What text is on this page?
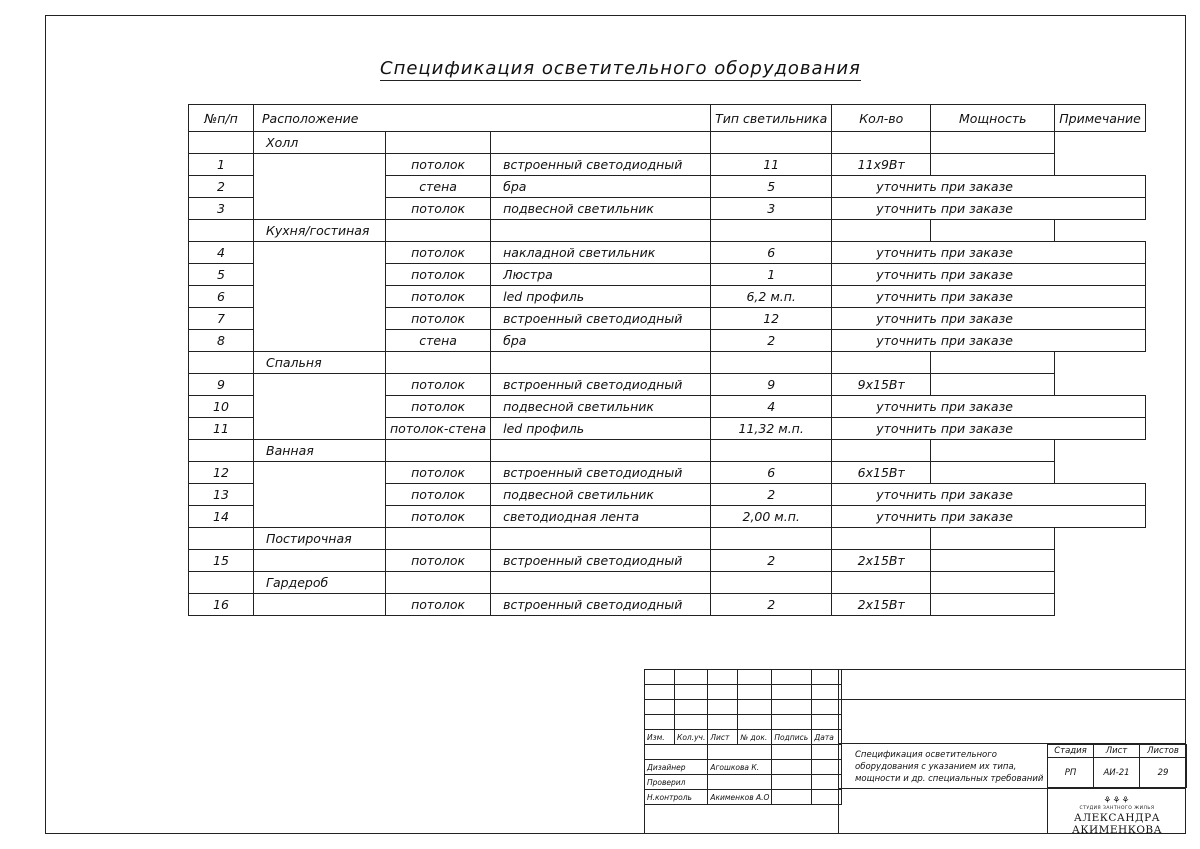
Спецификация осветительного оборудования
№п/п	Расположение			Тип светильника	Кол-во	Мощность	Примечание
	Холл						
1		потолок	встроенный светодиодный	11	11х9Вт		
2		стена	бра	5	уточнить при заказе		
3		потолок	подвесной светильник	3	уточнить при заказе		
	Кухня/гостиная						
4		потолок	накладной светильник	6	уточнить при заказе		
5		потолок	Люстра	1	уточнить при заказе		
6		потолок	led профиль	6,2 м.п.	уточнить при заказе		
7		потолок	встроенный светодиодный	12	уточнить при заказе		
8		стена	бра	2	уточнить при заказе		
	Спальня						
9		потолок	встроенный светодиодный	9	9х15Вт		
10		потолок	подвесной светильник	4	уточнить при заказе		
11		потолок-стена	led профиль	11,32 м.п.	уточнить при заказе		
	Ванная						
12		потолок	встроенный светодиодный	6	6х15Вт		
13		потолок	подвесной светильник	2	уточнить при заказе		
14		потолок	светодиодная лента	2,00 м.п.	уточнить при заказе		
	Постирочная						
15		потолок	встроенный светодиодный	2	2х15Вт		
	Гардероб						
16		потолок	встроенный светодиодный	2	2х15Вт		

Изм.	Кол.уч.	Лист	№ док.	Подпись	Дата

Дизайнер		Агошкова К.			
Проверил					
Н.контроль		Акименков А.О			
Спецификация осветительного
оборудования с указанием их типа,
мощности и др. специальных требований
Стадия	Лист	Листов
РП	АИ-21	29
⚘⚘⚘
СТУДИЯ ЗАНТНОГО ЖИЛЬЯ
АЛЕКСАНДРА АКИМЕНКОВА
